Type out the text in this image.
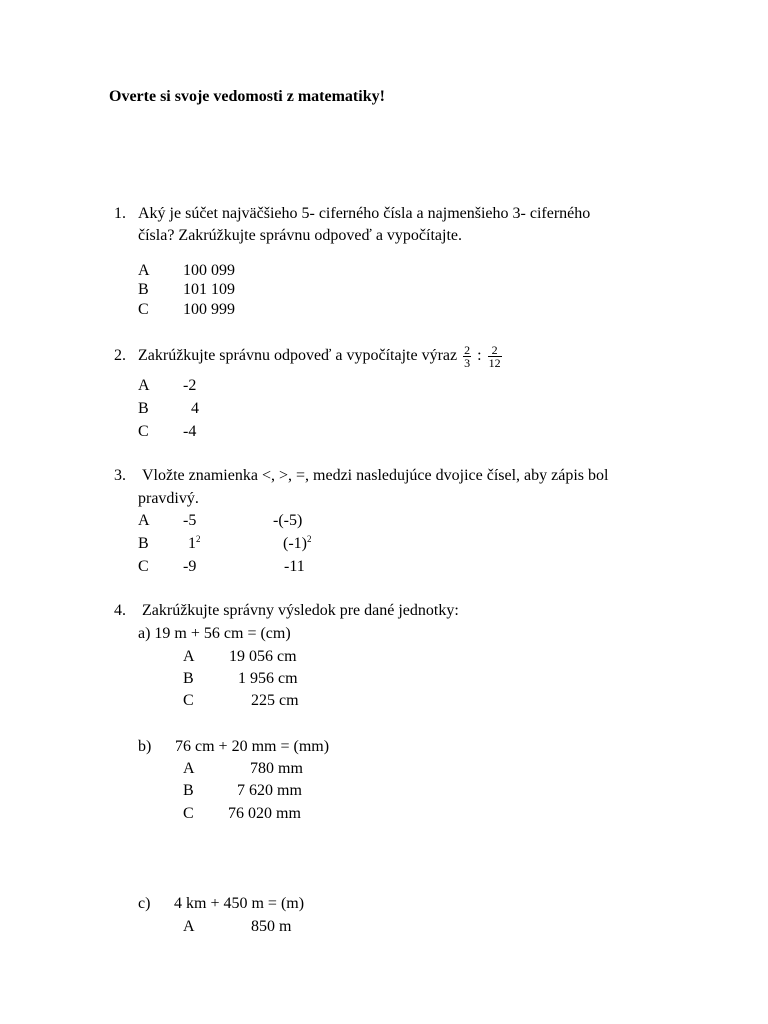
Overte si svoje vedomosti z matematiky!
1. Aký je súčet najväčšieho 5- ciferného čísla a najmenšieho 3- ciferného
čísla? Zakrúžkujte správnu odpoveď a vypočítajte.
A 100 099
B 101 109
C 100 999
2. Zakrúžkujte správnu odpoveď a vypočítajte výraz $\frac{2}{3}$ : $\frac{2}{12}$
A -2
B	4
C -4
3. Vložte znamienka <, >, =, medzi nasledujúce dvojice čísel, aby zápis bol
pravdivý.
A -5	-(-5)
B $1^2$	$(-1)^2$
C -9	-11
4. Zakrúžkujte správny výsledok pre dané jednotky:
a) 19 m + 56 cm = (cm)
A 19 056 cm
B	1 956 cm
C	225 cm
b) 76 cm + 20 mm = (mm)
A	780 mm
B	7 620 mm
C 76 020 mm
c) 4 km + 450 m = (m)
A	850 m
